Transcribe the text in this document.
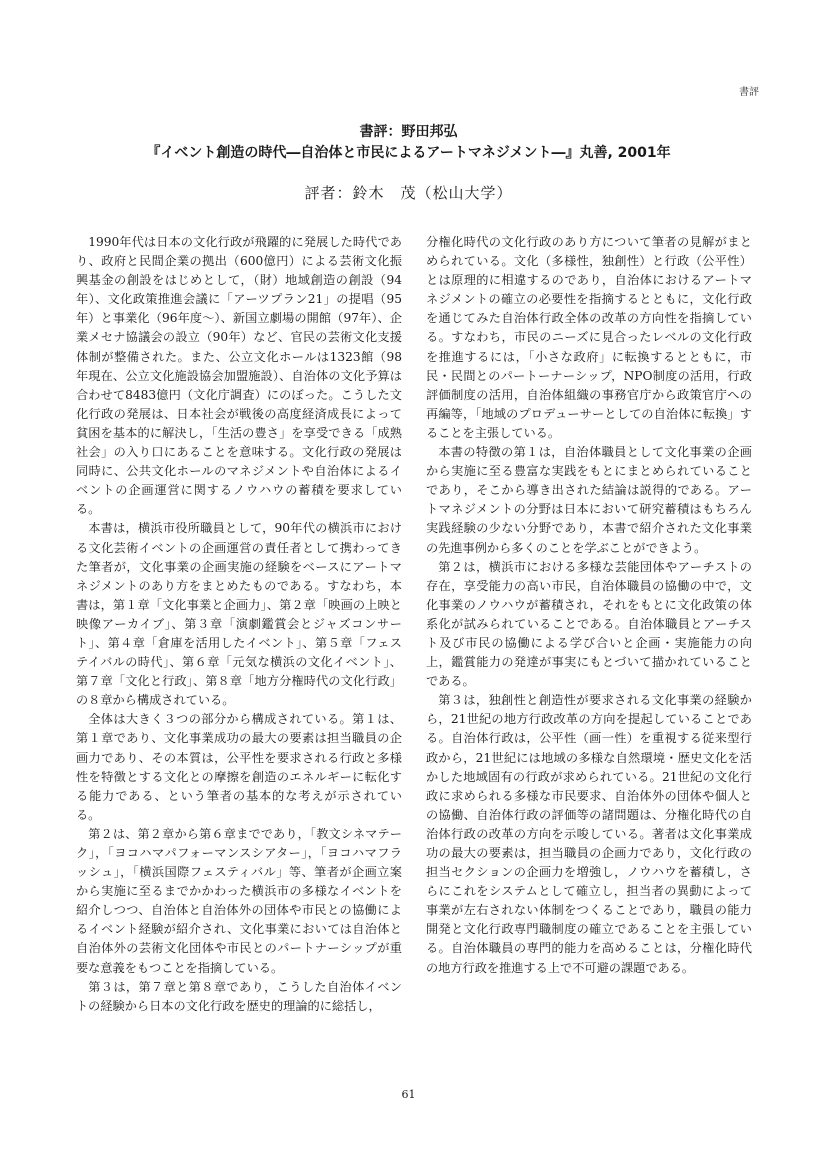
書評
書評：野田邦弘
『イベント創造の時代―自治体と市民によるアートマネジメント―』丸善, 2001年
評者：鈴木　茂（松山大学）

1990年代は日本の文化行政が飛躍的に発展した時代であり、政府と民間企業の拠出（600億円）による芸術文化振興基金の創設をはじめとして，（財）地域創造の創設（94年）、文化政策推進会議に「アーツプラン21」の提唱（95年）と事業化（96年度～）、新国立劇場の開館（97年）、企業メセナ協議会の設立（90年）など、官民の芸術文化支援体制が整備された。また、公立文化ホールは1323館（98年現在、公立文化施設協会加盟施設）、自治体の文化予算は合わせて8483億円（文化庁調査）にのぼった。こうした文化行政の発展は、日本社会が戦後の高度経済成長によって貧困を基本的に解決し，「生活の豊さ」を享受できる「成熟社会」の入り口にあることを意味する。文化行政の発展は同時に、公共文化ホールのマネジメントや自治体によるイベントの企画運営に関するノウハウの蓄積を要求している。

本書は，横浜市役所職員として，90年代の横浜市における文化芸術イベントの企画運営の責任者として携わってきた筆者が，文化事業の企画実施の経験をベースにアートマネジメントのあり方をまとめたものである。すなわち，本書は，第１章「文化事業と企画力」、第２章「映画の上映と映像アーカイブ」、第３章「演劇鑑賞会とジャズコンサート」、第４章「倉庫を活用したイベント」、第５章「フェステイバルの時代」、第６章「元気な横浜の文化イベント」、第７章「文化と行政」、第８章「地方分権時代の文化行政」の８章から構成されている。

全体は大きく３つの部分から構成されている。第１は、第１章であり、文化事業成功の最大の要素は担当職員の企画力であり、その本質は，公平性を要求される行政と多様性を特徴とする文化との摩擦を創造のエネルギーに転化する能力である、という筆者の基本的な考えが示されている。

第２は、第２章から第６章までであり，「教文シネマテーク」，「ヨコハマパフォーマンスシアター」，「ヨコハマフラッシュ」，「横浜国際フェスティバル」等、筆者が企画立案から実施に至るまでかかわった横浜市の多様なイベントを紹介しつつ、自治体と自治体外の団体や市民との協働によるイベント経験が紹介され、文化事業においては自治体と自治体外の芸術文化団体や市民とのパートナーシップが重要な意義をもつことを指摘している。

第３は，第７章と第８章であり，こうした自治体イベントの経験から日本の文化行政を歴史的理論的に総括し，

分権化時代の文化行政のあり方について筆者の見解がまとめられている。文化（多様性，独創性）と行政（公平性）とは原理的に相違するのであり，自治体におけるアートマネジメントの確立の必要性を指摘するとともに，文化行政を通じてみた自治体行政全体の改革の方向性を指摘している。すなわち，市民のニーズに見合ったレベルの文化行政を推進するには，「小さな政府」に転換するとともに，市民・民間とのパートーナーシップ，NPO制度の活用，行政評価制度の活用，自治体組織の事務官庁から政策官庁への再編等，「地域のプロデューサーとしての自治体に転換」することを主張している。

本書の特徴の第１は，自治体職員として文化事業の企画から実施に至る豊富な実践をもとにまとめられていることであり，そこから導き出された結論は説得的である。アートマネジメントの分野は日本において研究蓄積はもちろん実践経験の少ない分野であり，本書で紹介された文化事業の先進事例から多くのことを学ぶことができよう。

第２は，横浜市における多様な芸能団体やアーチストの存在，享受能力の高い市民，自治体職員の協働の中で，文化事業のノウハウが蓄積され，それをもとに文化政策の体系化が試みられていることである。自治体職員とアーチスト及び市民の協働による学び合いと企画・実施能力の向上，鑑賞能力の発達が事実にもとづいて描かれていることである。

第３は，独創性と創造性が要求される文化事業の経験から，21世紀の地方行政改革の方向を提起していることである。自治体行政は，公平性（画一性）を重視する従来型行政から，21世紀には地域の多様な自然環境・歴史文化を活かした地域固有の行政が求められている。21世紀の文化行政に求められる多様な市民要求、自治体外の団体や個人との協働、自治体行政の評価等の諸問題は、分権化時代の自治体行政の改革の方向を示唆している。著者は文化事業成功の最大の要素は，担当職員の企画力であり，文化行政の担当セクションの企画力を増強し，ノウハウを蓄積し，さらにこれをシステムとして確立し，担当者の異動によって事業が左右されない体制をつくることであり，職員の能力開発と文化行政専門職制度の確立であることを主張している。自治体職員の専門的能力を高めることは，分権化時代の地方行政を推進する上で不可避の課題である。

61
